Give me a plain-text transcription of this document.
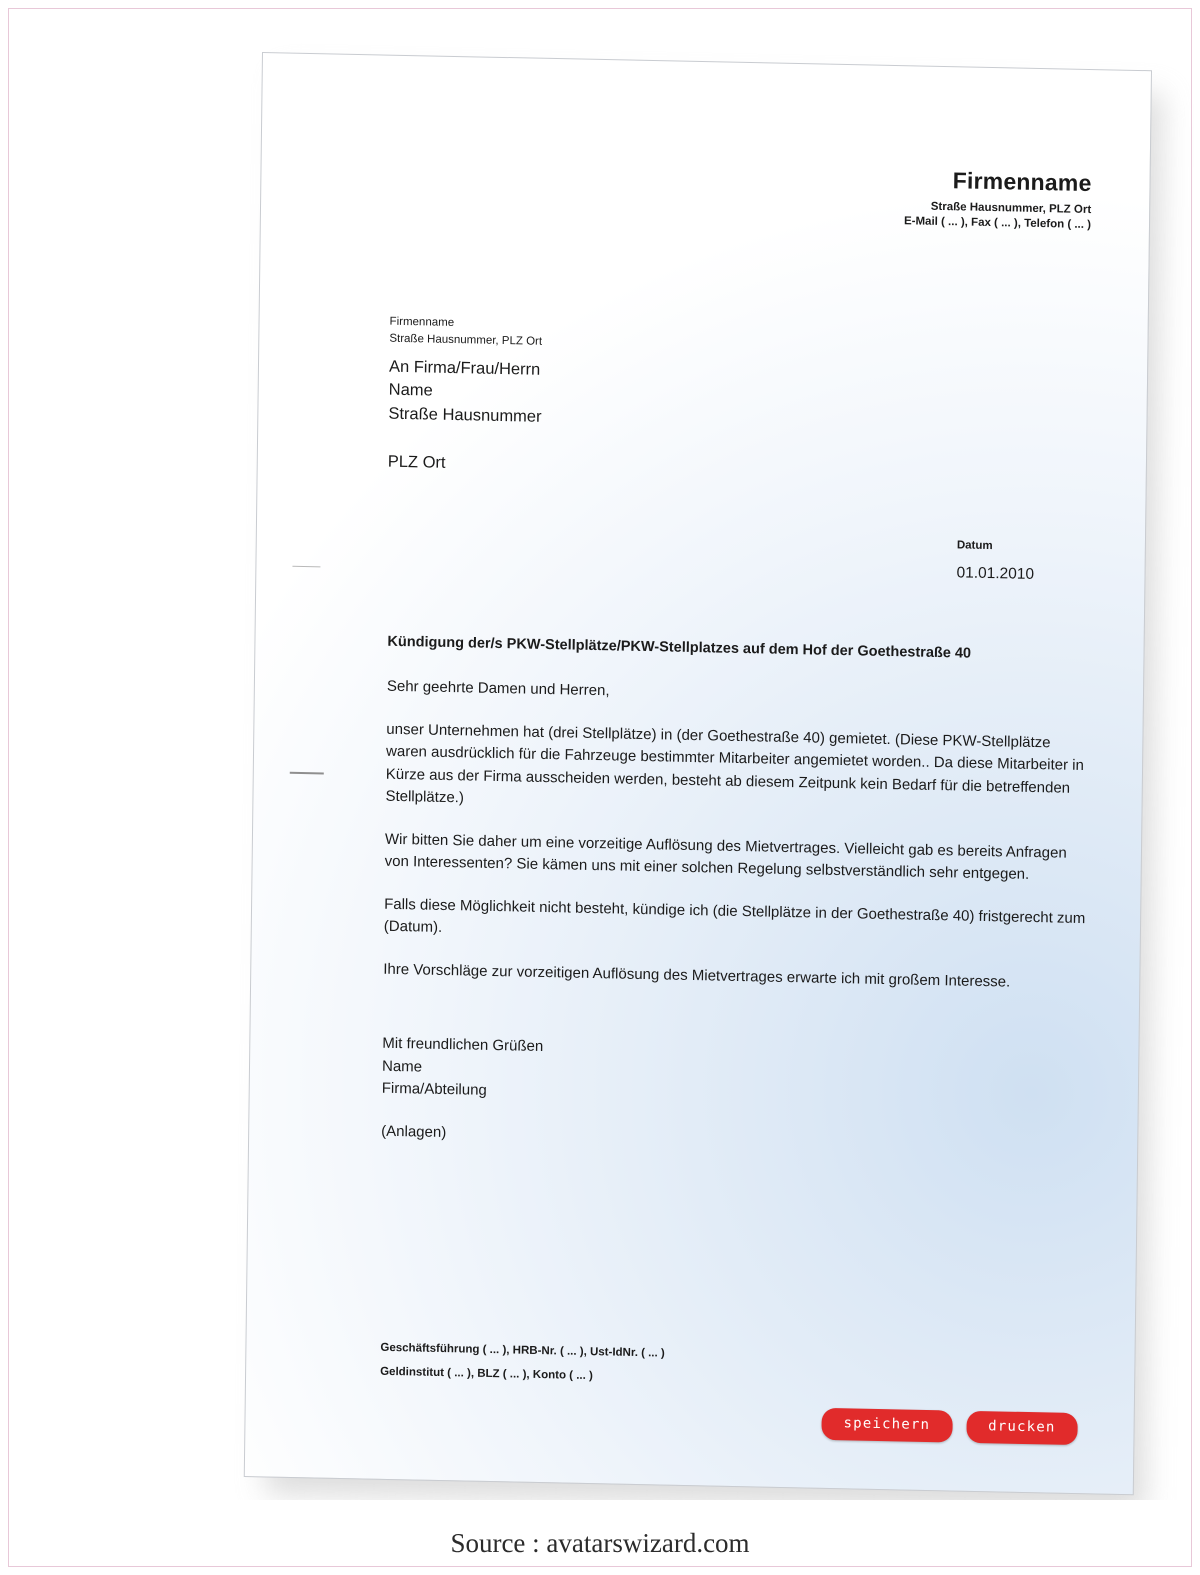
Firmenname
Straße Hausnummer, PLZ Ort
E-Mail ( ... ), Fax ( ... ), Telefon ( ... )
Firmenname
Straße Hausnummer, PLZ Ort
An Firma/Frau/Herrn
Name
Straße Hausnummer
PLZ Ort
Datum
01.01.2010
Kündigung der/s PKW-Stellplätze/PKW-Stellplatzes auf dem Hof der Goethestraße 40

Sehr geehrte Damen und Herren,

unser Unternehmen hat (drei Stellplätze) in (der Goethestraße 40) gemietet. (Diese PKW-Stellplätze waren ausdrücklich für die Fahrzeuge bestimmter Mitarbeiter angemietet worden.. Da diese Mitarbeiter in Kürze aus der Firma ausscheiden werden, besteht ab diesem Zeitpunk kein Bedarf für die betreffenden Stellplätze.)

Wir bitten Sie daher um eine vorzeitige Auflösung des Mietvertrages. Vielleicht gab es bereits Anfragen von Interessenten? Sie kämen uns mit einer solchen Regelung selbstverständlich sehr entgegen.

Falls diese Möglichkeit nicht besteht, kündige ich (die Stellplätze in der Goethestraße 40) fristgerecht zum (Datum).

Ihre Vorschläge zur vorzeitigen Auflösung des Mietvertrages erwarte ich mit großem Interesse.

Mit freundlichen Grüßen

Name

Firma/Abteilung

(Anlagen)

Geschäftsführung ( ... ), HRB-Nr. ( ... ), Ust-IdNr. ( ... )
Geldinstitut ( ... ), BLZ ( ... ), Konto ( ... )
speichern	drucken
Source : avatarswizard.com
